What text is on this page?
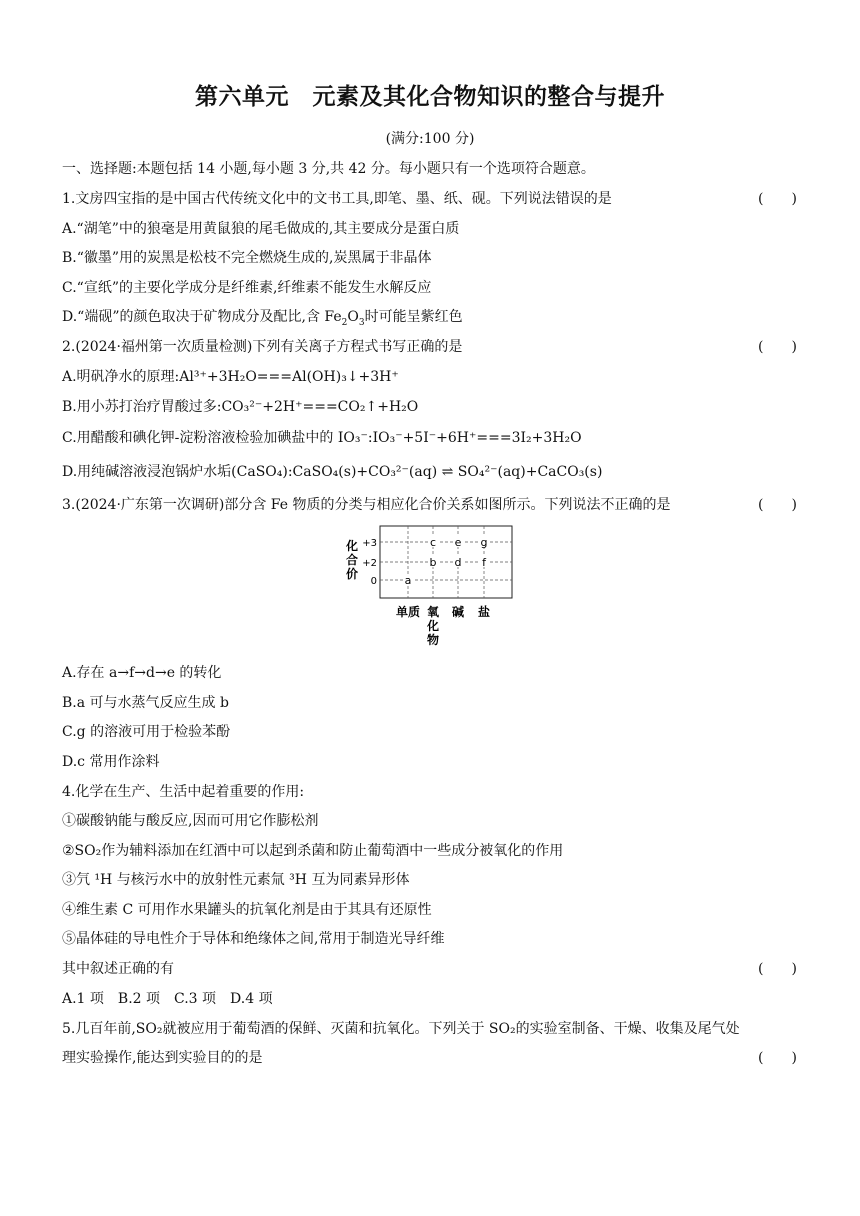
第六单元　元素及其化合物知识的整合与提升
(满分:100 分)
一、选择题:本题包括 14 小题,每小题 3 分,共 42 分。每小题只有一个选项符合题意。
1.文房四宝指的是中国古代传统文化中的文书工具,即笔、墨、纸、砚。下列说法错误的是	(　　)
A.“湖笔”中的狼毫是用黄鼠狼的尾毛做成的,其主要成分是蛋白质
B.“徽墨”用的炭黑是松枝不完全燃烧生成的,炭黑属于非晶体
C.“宣纸”的主要化学成分是纤维素,纤维素不能发生水解反应
D.“端砚”的颜色取决于矿物成分及配比,含 $Fe_2O_3$时可能呈紫红色
2.(2024·福州第一次质量检测)下列有关离子方程式书写正确的是	(　　)
A.明矾净水的原理:Al³⁺+3H₂O===Al(OH)₃↓+3H⁺
B.用小苏打治疗胃酸过多:CO₃²⁻+2H⁺===CO₂↑+H₂O
C.用醋酸和碘化钾-淀粉溶液检验加碘盐中的 IO₃⁻:IO₃⁻+5I⁻+6H⁺===3I₂+3H₂O
D.用纯碱溶液浸泡锅炉水垢(CaSO₄):CaSO₄(s)+CO₃²⁻(aq) ⇌ SO₄²⁻(aq)+CaCO₃(s)
3.(2024·广东第一次调研)部分含 Fe 物质的分类与相应化合价关系如图所示。下列说法不正确的是	(　　)
+3
+2
0
化
合
价
单质 氧
化
物
碱 盐
a
b
c
d
e
f
g
A.存在 a→f→d→e 的转化
B.a 可与水蒸气反应生成 b
C.g 的溶液可用于检验苯酚
D.c 常用作涂料
4.化学在生产、生活中起着重要的作用:
①碳酸钠能与酸反应,因而可用它作膨松剂
②SO₂作为辅料添加在红酒中可以起到杀菌和防止葡萄酒中一些成分被氧化的作用
③氕 ¹H 与核污水中的放射性元素氚 ³H 互为同素异形体
④维生素 C 可用作水果罐头的抗氧化剂是由于其具有还原性
⑤晶体硅的导电性介于导体和绝缘体之间,常用于制造光导纤维
其中叙述正确的有	(　　)
A.1 项　B.2 项　C.3 项　D.4 项
5.几百年前,SO₂就被应用于葡萄酒的保鲜、灭菌和抗氧化。下列关于 SO₂的实验室制备、干燥、收集及尾气处
理实验操作,能达到实验目的的是	(　　)
